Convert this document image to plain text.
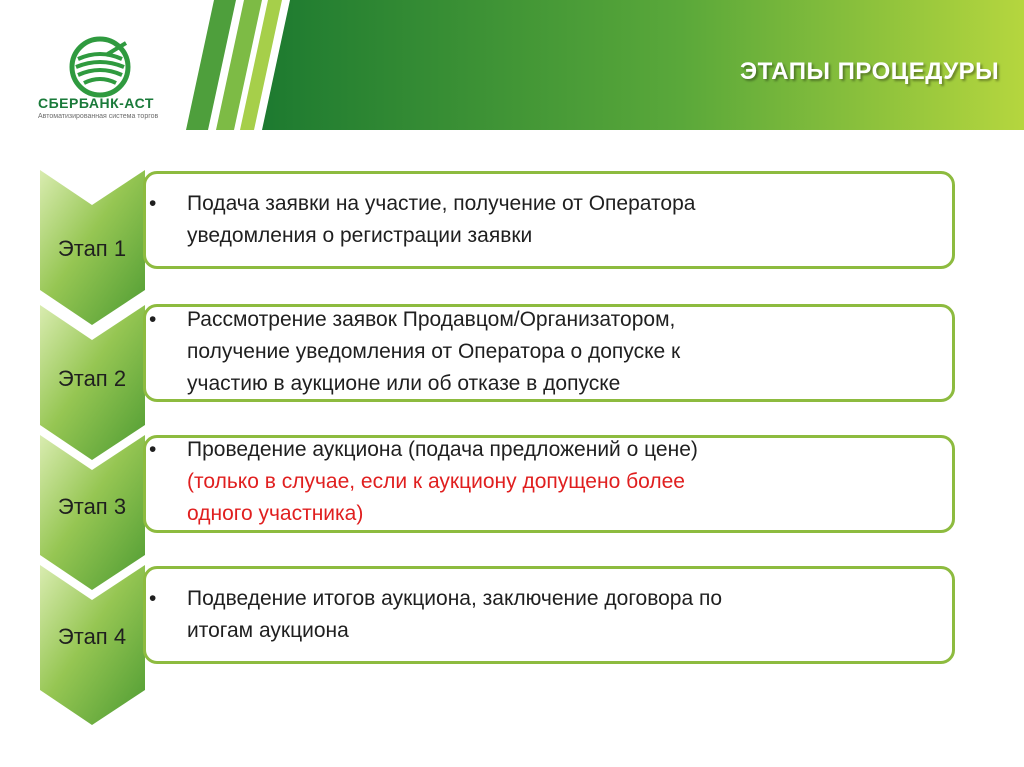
СБЕРБАНК-АСТ
Автоматизированная система торгов
ЭТАПЫ ПРОЦЕДУРЫ
Этап 1
•	Подача заявки на участие, получение от Оператора
уведомления о регистрации заявки
Этап 2
•	Рассмотрение заявок Продавцом/Организатором,
получение уведомления от Оператора о допуске к
участию в аукционе или об отказе в допуске
Этап 3
•	Проведение аукциона (подача предложений о цене)
(только в случае, если к аукциону допущено более
одного участника)
Этап 4
•	Подведение итогов аукциона, заключение договора по
итогам аукциона
